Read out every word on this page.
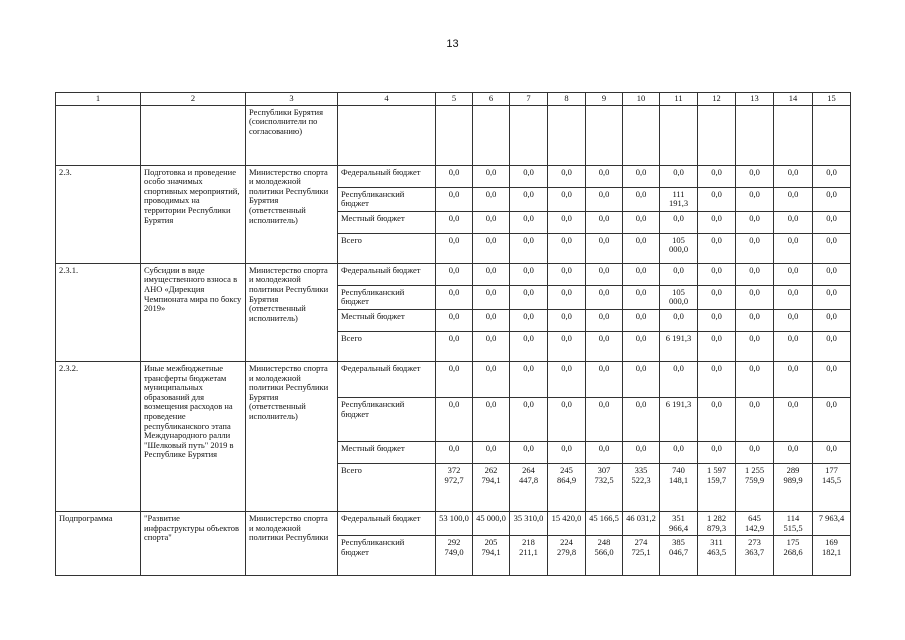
13
1	2	3	4	5	6	7	8	9	10	11	12	13	14	15
		Республики Бурятия (соисполнители по согласованию)												
2.3.	Подготовка и проведение особо значимых спортивных мероприятий, проводимых на территории Республики Бурятия	Министерство спорта и молодежной политики Республики Бурятия (ответственный исполнитель)	Федеральный бюджет	0,0	0,0	0,0	0,0	0,0	0,0	0,0	0,0	0,0	0,0	0,0
			Республиканский бюджет	0,0	0,0	0,0	0,0	0,0	0,0	111 191,3	0,0	0,0	0,0	0,0
			Местный бюджет	0,0	0,0	0,0	0,0	0,0	0,0	0,0	0,0	0,0	0,0	0,0
			Всего	0,0	0,0	0,0	0,0	0,0	0,0	105 000,0	0,0	0,0	0,0	0,0
2.3.1.	Субсидии в виде имущественного взноса в АНО «Дирекция Чемпионата мира по боксу 2019»	Министерство спорта и молодежной политики Республики Бурятия (ответственный исполнитель)	Федеральный бюджет	0,0	0,0	0,0	0,0	0,0	0,0	0,0	0,0	0,0	0,0	0,0
			Республиканский бюджет	0,0	0,0	0,0	0,0	0,0	0,0	105 000,0	0,0	0,0	0,0	0,0
			Местный бюджет	0,0	0,0	0,0	0,0	0,0	0,0	0,0	0,0	0,0	0,0	0,0
			Всего	0,0	0,0	0,0	0,0	0,0	0,0	6 191,3	0,0	0,0	0,0	0,0
2.3.2.	Иные межбюджетные трансферты бюджетам муниципальных образований для возмещения расходов на проведение республиканского этапа Международного ралли "Шелковый путь" 2019 в Республике Бурятия	Министерство спорта и молодежной политики Республики Бурятия (ответственный исполнитель)	Федеральный бюджет	0,0	0,0	0,0	0,0	0,0	0,0	0,0	0,0	0,0	0,0	0,0
			Республиканский бюджет	0,0	0,0	0,0	0,0	0,0	0,0	6 191,3	0,0	0,0	0,0	0,0
			Местный бюджет	0,0	0,0	0,0	0,0	0,0	0,0	0,0	0,0	0,0	0,0	0,0
			Всего	372 972,7	262 794,1	264 447,8	245 864,9	307 732,5	335 522,3	740 148,1	1 597 159,7	1 255 759,9	289 989,9	177 145,5
Подпрограмма	"Развитие инфраструктуры объектов спорта"	Министерство спорта и молодежной политики Республики	Федеральный бюджет	53 100,0	45 000,0	35 310,0	15 420,0	45 166,5	46 031,2	351 966,4	1 282 879,3	645 142,9	114 515,5	7 963,4
			Республиканский бюджет	292 749,0	205 794,1	218 211,1	224 279,8	248 566,0	274 725,1	385 046,7	311 463,5	273 363,7	175 268,6	169 182,1
